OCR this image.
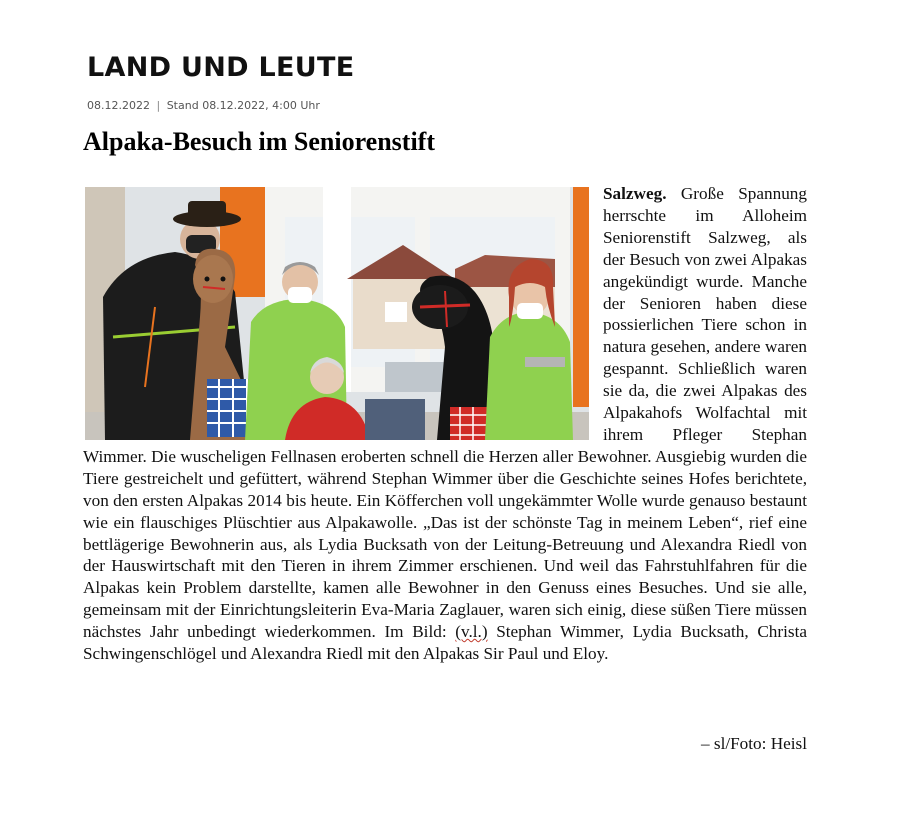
LAND UND LEUTE
08.12.2022 | Stand 08.12.2022, 4:00 Uhr
Alpaka-Besuch im Seniorenstift

Salzweg. Große Spannung herrschte im Alloheim Seniorenstift Salzweg, als der Besuch von zwei Alpakas angekündigt wurde. Manche der Senioren haben diese possierlichen Tiere schon in natura gesehen, andere waren gespannt. Schließlich waren sie da, die zwei Alpakas des Alpakahofs Wolfachtal mit ihrem Pfleger Stephan Wimmer. Die wuscheligen Fellnasen eroberten schnell die Herzen aller Bewohner. Ausgiebig wurden die Tiere gestreichelt und gefüttert, während Stephan Wimmer über die Geschichte seines Hofes berichtete, von den ersten Alpakas 2014 bis heute. Ein Köfferchen voll ungekämmter Wolle wurde genauso bestaunt wie ein flauschiges Plüschtier aus Alpakawolle. „Das ist der schönste Tag in meinem Leben“, rief eine bettlägerige Bewohnerin aus, als Lydia Bucksath von der Leitung-Betreuung und Alexandra Riedl von der Hauswirtschaft mit den Tieren in ihrem Zimmer erschienen. Und weil das Fahrstuhlfahren für die Alpakas kein Problem darstellte, kamen alle Bewohner in den Genuss eines Besuches. Und sie alle, gemeinsam mit der Einrichtungsleiterin Eva-Maria Zaglauer, waren sich einig, diese süßen Tiere müssen nächstes Jahr unbedingt wiederkommen. Im Bild: (v.l.) Stephan Wimmer, Lydia Bucksath, Christa Schwingenschlögel und Alexandra Riedl mit den Alpakas Sir Paul und Eloy.

– sl/Foto: Heisl
